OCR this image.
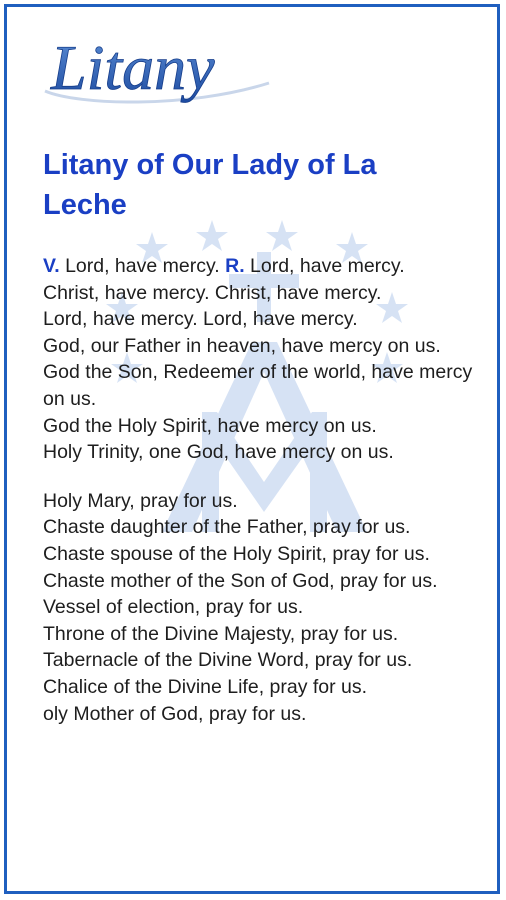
Litany
Litany of Our Lady of La Leche
V. Lord, have mercy. R. Lord, have mercy.
Christ, have mercy. Christ, have mercy.
Lord, have mercy. Lord, have mercy.
God, our Father in heaven, have mercy on us.
God the Son, Redeemer of the world, have mercy on us.
God the Holy Spirit, have mercy on us.
Holy Trinity, one God, have mercy on us.
Holy Mary, pray for us.
Chaste daughter of the Father, pray for us.
Chaste spouse of the Holy Spirit, pray for us.
Chaste mother of the Son of God, pray for us.
Vessel of election, pray for us.
Throne of the Divine Majesty, pray for us.
Tabernacle of the Divine Word, pray for us.
Chalice of the Divine Life, pray for us.
oly Mother of God, pray for us.
